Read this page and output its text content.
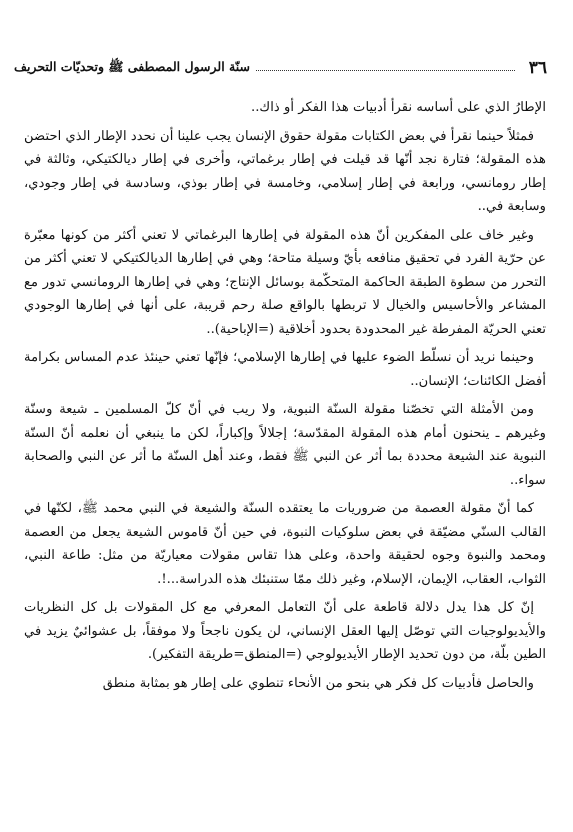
٣٦
سنّة الرسول المصطفى ﷺ وتحديّات التحريف

الإطارُ الذي على أساسه نقرأ أدبيات هذا الفكر أو ذاك..

فمثلاً حينما نقرأ في بعض الكتابات مقولة حقوق الإنسان يجب علينا أن نحدد الإطار الذي احتضن هذه المقولة؛ فتارة نجد أنّها قد قيلت في إطار برغماتي، وأخرى في إطار ديالكتيكي، وثالثة في إطار رومانسي، ورابعة في إطار إسلامي، وخامسة في إطار بوذي، وسادسة في إطار وجودي، وسابعة في..

وغير خاف على المفكرين أنّ هذه المقولة في إطارها البرغماتي لا تعني أكثر من كونها معبّرة عن حرّية الفرد في تحقيق منافعه بأيّ وسيلة متاحة؛ وهي في إطارها الديالكتيكي لا تعني أكثر من التحرر من سطوة الطبقة الحاكمة المتحكّمة بوسائل الإنتاج؛ وهي في إطارها الرومانسي تدور مع المشاعر والأحاسيس والخيال لا تربطها بالواقع صلة رحم قريبة، على أنها في إطارها الوجودي تعني الحريّة المفرطة غير المحدودة بحدود أخلاقية (=الإباحية)..

وحينما نريد أن نسلّط الضوء عليها في إطارها الإسلامي؛ فإنّها تعني حينئذ عدم المساس بكرامة أفضل الكائنات؛ الإنسان..

ومن الأمثلة التي تخصّنا مقولة السنّة النبوية، ولا ريب في أنّ كلّ المسلمين ـ شيعة وسنّة وغيرهم ـ ينحنون أمام هذه المقولة المقدّسة؛ إجلالاً وإكباراً، لكن ما ينبغي أن نعلمه أنّ السنّة النبوية عند الشيعة محددة بما أثر عن النبي ﷺ فقط، وعند أهل السنّة ما أثر عن النبي والصحابة سواء..

كما أنّ مقولة العصمة من ضروريات ما يعتقده السنّة والشيعة في النبي محمد ﷺ، لكنّها في القالب السنّي مضيّقة في بعض سلوكيات النبوة، في حين أنّ قاموس الشيعة يجعل من العصمة ومحمد والنبوة وجوه لحقيقة واحدة، وعلى هذا تقاس مقولات معياريّة من مثل: طاعة النبي، الثواب، العقاب، الإيمان، الإسلام، وغير ذلك ممّا ستنبئك هذه الدراسة...!.

إنّ كل هذا يدل دلالة قاطعة على أنّ التعامل المعرفي مع كل المقولات بل كل النظريات والأيديولوجيات التي توصّل إليها العقل الإنساني، لن يكون ناجحاً ولا موفقاً، بل عشوائيٌ يزيد في الطين بلّة، من دون تحديد الإطار الأيديولوجي (=المنطق=طريقة التفكير).

والحاصل فأدبيات كل فكر هي بنحو من الأنحاء تنطوي على إطار هو بمثابة منطق
